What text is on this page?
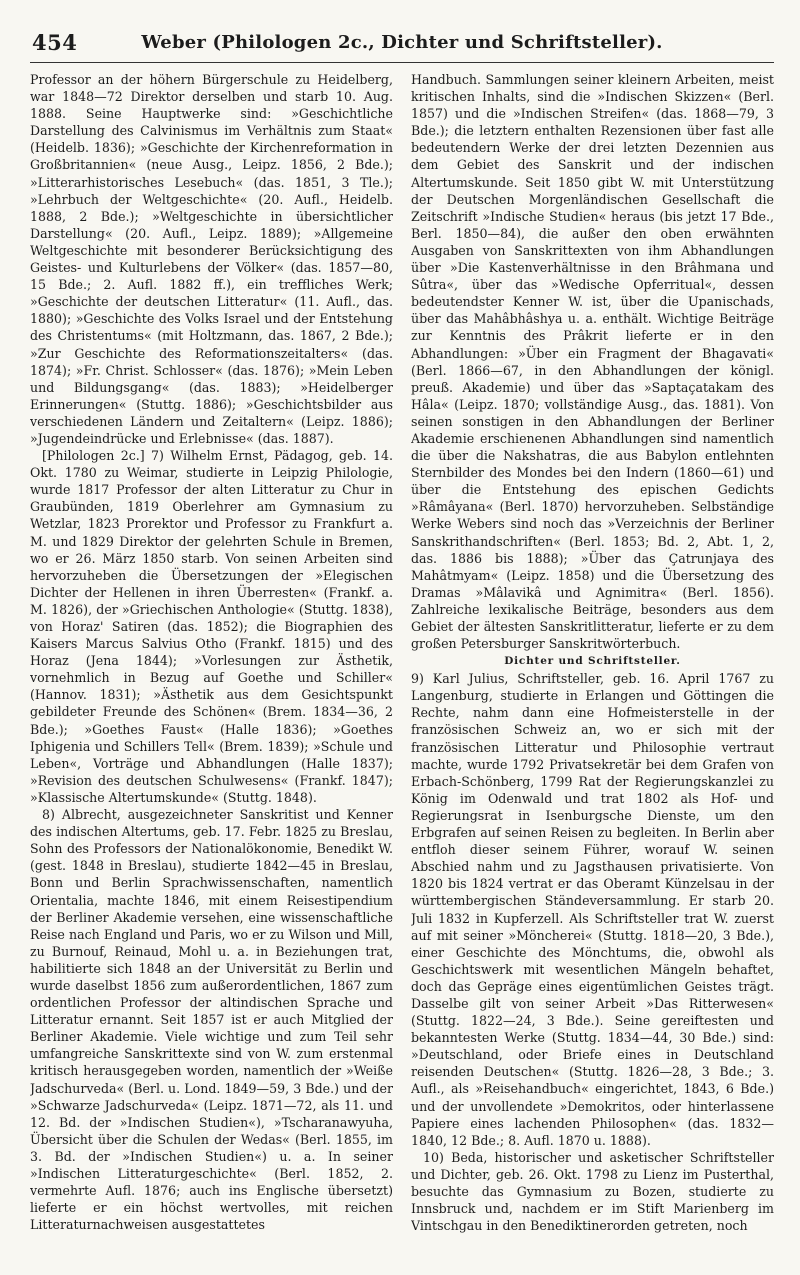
454	Weber (Philologen 2c., Dichter und Schriftsteller).

Professor an der höhern Bürgerschule zu Heidelberg, war 1848—72 Direktor derselben und starb 10. Aug. 1888. Seine Hauptwerke sind: »Geschichtliche Darstellung des Calvinismus im Verhältnis zum Staat« (Heidelb. 1836); »Geschichte der Kirchenreformation in Großbritannien« (neue Ausg., Leipz. 1856, 2 Bde.); »Litterarhistorisches Lesebuch« (das. 1851, 3 Tle.); »Lehrbuch der Weltgeschichte« (20. Aufl., Heidelb. 1888, 2 Bde.); »Weltgeschichte in übersichtlicher Darstellung« (20. Aufl., Leipz. 1889); »Allgemeine Weltgeschichte mit besonderer Berücksichtigung des Geistes- und Kulturlebens der Völker« (das. 1857—80, 15 Bde.; 2. Aufl. 1882 ff.), ein treffliches Werk; »Geschichte der deutschen Litteratur« (11. Aufl., das. 1880); »Geschichte des Volks Israel und der Entstehung des Christentums« (mit Holtzmann, das. 1867, 2 Bde.); »Zur Geschichte des Reformationszeitalters« (das. 1874); »Fr. Christ. Schlosser« (das. 1876); »Mein Leben und Bildungsgang« (das. 1883); »Heidelberger Erinnerungen« (Stuttg. 1886); »Geschichtsbilder aus verschiedenen Ländern und Zeitaltern« (Leipz. 1886); »Jugendeindrücke und Erlebnisse« (das. 1887).

[Philologen 2c.] 7) Wilhelm Ernst, Pädagog, geb. 14. Okt. 1780 zu Weimar, studierte in Leipzig Philologie, wurde 1817 Professor der alten Litteratur zu Chur in Graubünden, 1819 Oberlehrer am Gymnasium zu Wetzlar, 1823 Prorektor und Professor zu Frankfurt a. M. und 1829 Direktor der gelehrten Schule in Bremen, wo er 26. März 1850 starb. Von seinen Arbeiten sind hervorzuheben die Übersetzungen der »Elegischen Dichter der Hellenen in ihren Überresten« (Frankf. a. M. 1826), der »Griechischen Anthologie« (Stuttg. 1838), von Horaz' Satiren (das. 1852); die Biographien des Kaisers Marcus Salvius Otho (Frankf. 1815) und des Horaz (Jena 1844); »Vorlesungen zur Ästhetik, vornehmlich in Bezug auf Goethe und Schiller« (Hannov. 1831); »Ästhetik aus dem Gesichtspunkt gebildeter Freunde des Schönen« (Brem. 1834—36, 2 Bde.); »Goethes Faust« (Halle 1836); »Goethes Iphigenia und Schillers Tell« (Brem. 1839); »Schule und Leben«, Vorträge und Abhandlungen (Halle 1837); »Revision des deutschen Schulwesens« (Frankf. 1847); »Klassische Altertumskunde« (Stuttg. 1848).

8) Albrecht, ausgezeichneter Sanskritist und Kenner des indischen Altertums, geb. 17. Febr. 1825 zu Breslau, Sohn des Professors der Nationalökonomie, Benedikt W. (gest. 1848 in Breslau), studierte 1842—45 in Breslau, Bonn und Berlin Sprachwissenschaften, namentlich Orientalia, machte 1846, mit einem Reisestipendium der Berliner Akademie versehen, eine wissenschaftliche Reise nach England und Paris, wo er zu Wilson und Mill, zu Burnouf, Reinaud, Mohl u. a. in Beziehungen trat, habilitierte sich 1848 an der Universität zu Berlin und wurde daselbst 1856 zum außerordentlichen, 1867 zum ordentlichen Professor der altindischen Sprache und Litteratur ernannt. Seit 1857 ist er auch Mitglied der Berliner Akademie. Viele wichtige und zum Teil sehr umfangreiche Sanskrittexte sind von W. zum erstenmal kritisch herausgegeben worden, namentlich der »Weiße Jadschurveda« (Berl. u. Lond. 1849—59, 3 Bde.) und der »Schwarze Jadschurveda« (Leipz. 1871—72, als 11. und 12. Bd. der »Indischen Studien«), »Tscharanawyuha, Übersicht über die Schulen der Wedas« (Berl. 1855, im 3. Bd. der »Indischen Studien«) u. a. In seiner »Indischen Litteraturgeschichte« (Berl. 1852, 2. vermehrte Aufl. 1876; auch ins Englische übersetzt) lieferte er ein höchst wertvolles, mit reichen Litteraturnachweisen ausgestattetes

Handbuch. Sammlungen seiner kleinern Arbeiten, meist kritischen Inhalts, sind die »Indischen Skizzen« (Berl. 1857) und die »Indischen Streifen« (das. 1868—79, 3 Bde.); die letztern enthalten Rezensionen über fast alle bedeutendern Werke der drei letzten Dezennien aus dem Gebiet des Sanskrit und der indischen Altertumskunde. Seit 1850 gibt W. mit Unterstützung der Deutschen Morgenländischen Gesellschaft die Zeitschrift »Indische Studien« heraus (bis jetzt 17 Bde., Berl. 1850—84), die außer den oben erwähnten Ausgaben von Sanskrittexten von ihm Abhandlungen über »Die Kastenverhältnisse in den Brâhmana und Sûtra«, über das »Wedische Opferritual«, dessen bedeutendster Kenner W. ist, über die Upanischads, über das Mahâbhâshya u. a. enthält. Wichtige Beiträge zur Kenntnis des Prâkrit lieferte er in den Abhandlungen: »Über ein Fragment der Bhagavati« (Berl. 1866—67, in den Abhandlungen der königl. preuß. Akademie) und über das »Saptaçatakam des Hâla« (Leipz. 1870; vollständige Ausg., das. 1881). Von seinen sonstigen in den Abhandlungen der Berliner Akademie erschienenen Abhandlungen sind namentlich die über die Nakshatras, die aus Babylon entlehnten Sternbilder des Mondes bei den Indern (1860—61) und über die Entstehung des epischen Gedichts »Râmâyana« (Berl. 1870) hervorzuheben. Selbständige Werke Webers sind noch das »Verzeichnis der Berliner Sanskrithandschriften« (Berl. 1853; Bd. 2, Abt. 1, 2, das. 1886 bis 1888); »Über das Çatrunjaya des Mahâtmyam« (Leipz. 1858) und die Übersetzung des Dramas »Mâlavikâ und Agnimitra« (Berl. 1856). Zahlreiche lexikalische Beiträge, besonders aus dem Gebiet der ältesten Sanskritlitteratur, lieferte er zu dem großen Petersburger Sanskritwörterbuch.

Dichter und Schriftsteller.

9) Karl Julius, Schriftsteller, geb. 16. April 1767 zu Langenburg, studierte in Erlangen und Göttingen die Rechte, nahm dann eine Hofmeisterstelle in der französischen Schweiz an, wo er sich mit der französischen Litteratur und Philosophie vertraut machte, wurde 1792 Privatsekretär bei dem Grafen von Erbach-Schönberg, 1799 Rat der Regierungskanzlei zu König im Odenwald und trat 1802 als Hof- und Regierungsrat in Isenburgsche Dienste, um den Erbgrafen auf seinen Reisen zu begleiten. In Berlin aber entfloh dieser seinem Führer, worauf W. seinen Abschied nahm und zu Jagsthausen privatisierte. Von 1820 bis 1824 vertrat er das Oberamt Künzelsau in der württembergischen Ständeversammlung. Er starb 20. Juli 1832 in Kupferzell. Als Schriftsteller trat W. zuerst auf mit seiner »Möncherei« (Stuttg. 1818—20, 3 Bde.), einer Geschichte des Mönchtums, die, obwohl als Geschichtswerk mit wesentlichen Mängeln behaftet, doch das Gepräge eines eigentümlichen Geistes trägt. Dasselbe gilt von seiner Arbeit »Das Ritterwesen« (Stuttg. 1822—24, 3 Bde.). Seine gereiftesten und bekanntesten Werke (Stuttg. 1834—44, 30 Bde.) sind: »Deutschland, oder Briefe eines in Deutschland reisenden Deutschen« (Stuttg. 1826—28, 3 Bde.; 3. Aufl., als »Reisehandbuch« eingerichtet, 1843, 6 Bde.) und der unvollendete »Demokritos, oder hinterlassene Papiere eines lachenden Philosophen« (das. 1832—1840, 12 Bde.; 8. Aufl. 1870 u. 1888).

10) Beda, historischer und asketischer Schriftsteller und Dichter, geb. 26. Okt. 1798 zu Lienz im Pusterthal, besuchte das Gymnasium zu Bozen, studierte zu Innsbruck und, nachdem er im Stift Marienberg im Vintschgau in den Benediktinerorden getreten, noch
